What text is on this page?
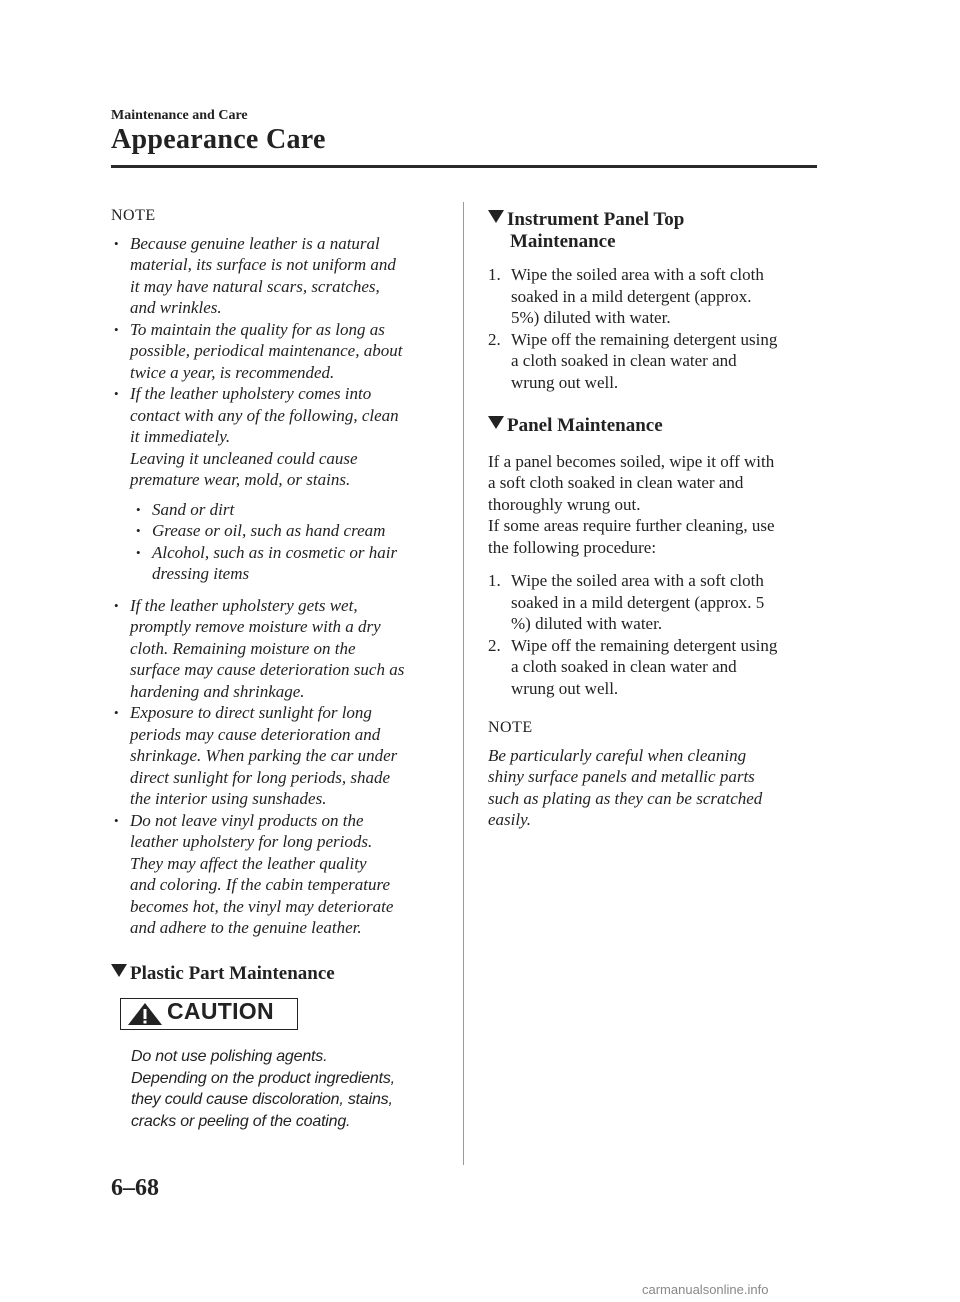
Maintenance and Care
Appearance Care
NOTE
• Because genuine leather is a natural
material, its surface is not uniform and
it may have natural scars, scratches,
and wrinkles.
• To maintain the quality for as long as
possible, periodical maintenance, about
twice a year, is recommended.
• If the leather upholstery comes into
contact with any of the following, clean
it immediately.
Leaving it uncleaned could cause
premature wear, mold, or stains.
• Sand or dirt
• Grease or oil, such as hand cream
• Alcohol, such as in cosmetic or hair
dressing items
• If the leather upholstery gets wet,
promptly remove moisture with a dry
cloth. Remaining moisture on the
surface may cause deterioration such as
hardening and shrinkage.
• Exposure to direct sunlight for long
periods may cause deterioration and
shrinkage. When parking the car under
direct sunlight for long periods, shade
the interior using sunshades.
• Do not leave vinyl products on the
leather upholstery for long periods.
They may affect the leather quality
and coloring. If the cabin temperature
becomes hot, the vinyl may deteriorate
and adhere to the genuine leather.
Plastic Part Maintenance
CAUTION
Do not use polishing agents.
Depending on the product ingredients,
they could cause discoloration, stains,
cracks or peeling of the coating.
Instrument Panel Top
Maintenance
1. Wipe the soiled area with a soft cloth
soaked in a mild detergent (approx.
5%) diluted with water.
2. Wipe off the remaining detergent using
a cloth soaked in clean water and
wrung out well.
Panel Maintenance

If a panel becomes soiled, wipe it off with
a soft cloth soaked in clean water and
thoroughly wrung out.
If some areas require further cleaning, use
the following procedure:

1. Wipe the soiled area with a soft cloth
soaked in a mild detergent (approx. 5
%) diluted with water.
2. Wipe off the remaining detergent using
a cloth soaked in clean water and
wrung out well.
NOTE

Be particularly careful when cleaning
shiny surface panels and metallic parts
such as plating as they can be scratched
easily.

6–68
carmanualsonline.info
